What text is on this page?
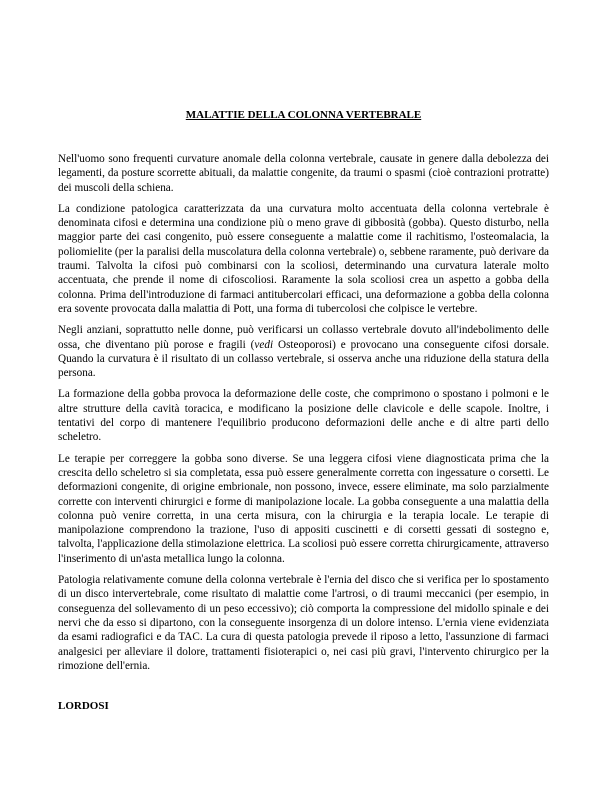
MALATTIE DELLA COLONNA VERTEBRALE

Nell'uomo sono frequenti curvature anomale della colonna vertebrale, causate in genere dalla debolezza dei legamenti, da posture scorrette abituali, da malattie congenite, da traumi o spasmi (cioè contrazioni protratte) dei muscoli della schiena.

La condizione patologica caratterizzata da una curvatura molto accentuata della colonna vertebrale è denominata cifosi e determina una condizione più o meno grave di gibbosità (gobba). Questo disturbo, nella maggior parte dei casi congenito, può essere conseguente a malattie come il rachitismo, l'osteomalacia, la poliomielite (per la paralisi della muscolatura della colonna vertebrale) o, sebbene raramente, può derivare da traumi. Talvolta la cifosi può combinarsi con la scoliosi, determinando una curvatura laterale molto accentuata, che prende il nome di cifoscoliosi. Raramente la sola scoliosi crea un aspetto a gobba della colonna. Prima dell'introduzione di farmaci antitubercolari efficaci, una deformazione a gobba della colonna era sovente provocata dalla malattia di Pott, una forma di tubercolosi che colpisce le vertebre.

Negli anziani, soprattutto nelle donne, può verificarsi un collasso vertebrale dovuto all'indebolimento delle ossa, che diventano più porose e fragili (vedi Osteoporosi) e provocano una conseguente cifosi dorsale. Quando la curvatura è il risultato di un collasso vertebrale, si osserva anche una riduzione della statura della persona.

La formazione della gobba provoca la deformazione delle coste, che comprimono o spostano i polmoni e le altre strutture della cavità toracica, e modificano la posizione delle clavicole e delle scapole. Inoltre, i tentativi del corpo di mantenere l'equilibrio producono deformazioni delle anche e di altre parti dello scheletro.

Le terapie per correggere la gobba sono diverse. Se una leggera cifosi viene diagnosticata prima che la crescita dello scheletro si sia completata, essa può essere generalmente corretta con ingessature o corsetti. Le deformazioni congenite, di origine embrionale, non possono, invece, essere eliminate, ma solo parzialmente corrette con interventi chirurgici e forme di manipolazione locale. La gobba conseguente a una malattia della colonna può venire corretta, in una certa misura, con la chirurgia e la terapia locale. Le terapie di manipolazione comprendono la trazione, l'uso di appositi cuscinetti e di corsetti gessati di sostegno e, talvolta, l'applicazione della stimolazione elettrica. La scoliosi può essere corretta chirurgicamente, attraverso l'inserimento di un'asta metallica lungo la colonna.

Patologia relativamente comune della colonna vertebrale è l'ernia del disco che si verifica per lo spostamento di un disco intervertebrale, come risultato di malattie come l'artrosi, o di traumi meccanici (per esempio, in conseguenza del sollevamento di un peso eccessivo); ciò comporta la compressione del midollo spinale e dei nervi che da esso si dipartono, con la conseguente insorgenza di un dolore intenso. L'ernia viene evidenziata da esami radiografici e da TAC. La cura di questa patologia prevede il riposo a letto, l'assunzione di farmaci analgesici per alleviare il dolore, trattamenti fisioterapici o, nei casi più gravi, l'intervento chirurgico per la rimozione dell'ernia.

LORDOSI
